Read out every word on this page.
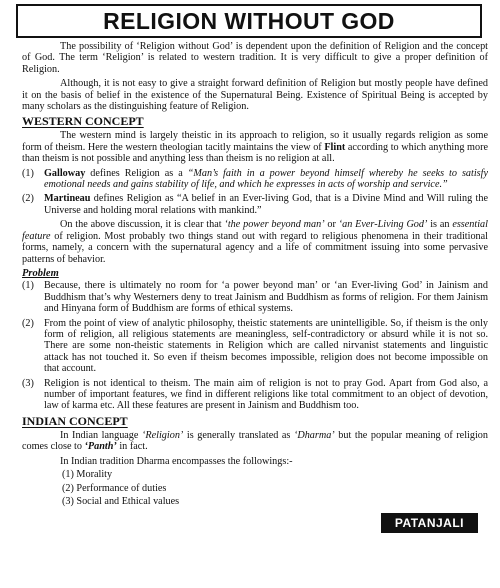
RELIGION WITHOUT GOD

The possibility of ‘Religion without God’ is dependent upon the definition of Religion and the concept of God. The term ‘Religion’ is related to western tradition. It is very difficult to give a proper definition of Religion.

Although, it is not easy to give a straight forward definition of Religion but mostly people have defined it on the basis of belief in the existence of the Supernatural Being. Existence of Spiritual Being is accepted by many scholars as the distinguishing feature of Religion.

WESTERN CONCEPT

The western mind is largely theistic in its approach to religion, so it usually regards religion as some form of theism. Here the western theologian tacitly maintains the view of Flint according to which anything more than theism is not possible and anything less than theism is no religion at all.

(1) Galloway defines Religion as a “Man’s faith in a power beyond himself whereby he seeks to satisfy emotional needs and gains stability of life, and which he expresses in acts of worship and service.”
(2) Martineau defines Religion as “A belief in an Ever-living God, that is a Divine Mind and Will ruling the Universe and holding moral relations with mankind.”

On the above discussion, it is clear that ‘the power beyond man’ or ‘an Ever-Living God’ is an essential feature of religion. Most probably two things stand out with regard to religious phenomena in their traditional forms, namely, a concern with the supernatural agency and a life of commitment issuing into some pervasive patterns of behavior.

Problem
(1) Because, there is ultimately no room for ‘a power beyond man’ or ‘an Ever-living God’ in Jainism and Buddhism that’s why Westerners deny to treat Jainism and Buddhism as forms of religion. For them Jainism and Hinyana form of Buddhism are forms of ethical systems.
(2) From the point of view of analytic philosophy, theistic statements are unintelligible. So, if theism is the only form of religion, all religious statements are meaningless, self-contradictory or absurd while it is not so. There are some non-theistic statements in Religion which are called nirvanist statements and linguistic attack has not touched it. So even if theism becomes impossible, religion does not become impossible on that account.
(3) Religion is not identical to theism. The main aim of religion is not to pray God. Apart from God also, a number of important features, we find in different religions like total commitment to an object of devotion, law of karma etc. All these features are present in Jainism and Buddhism too.
INDIAN CONCEPT

In Indian language ‘Religion’ is generally translated as ‘Dharma’ but the popular meaning of religion comes close to ‘Panth’ in fact.

In Indian tradition Dharma encompasses the followings:-

(1) Morality
(2) Performance of duties
(3) Social and Ethical values
PATANJALI
